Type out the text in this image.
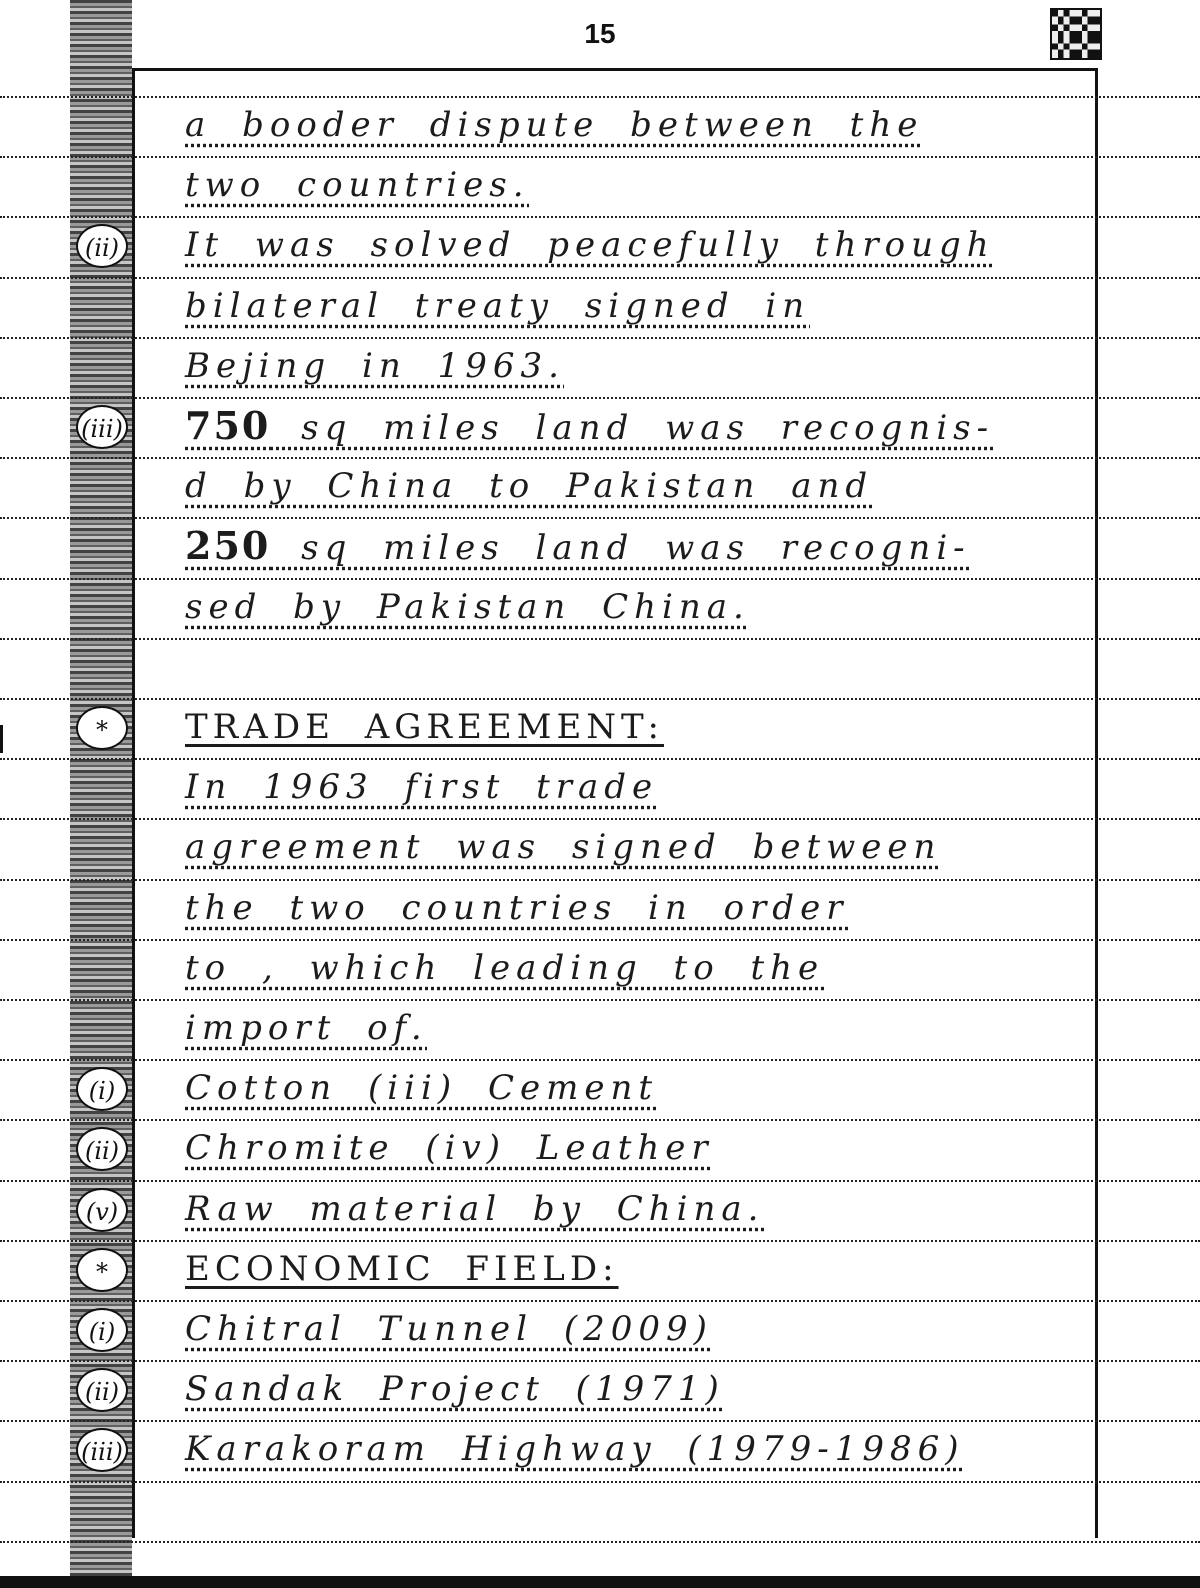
15
a booder dispute between the
two countries.
(ii) It was solved peacefully through
bilateral treaty signed in
Bejing in 1963.
(iii) 750 sq miles land was recognis-
d by China to Pakistan and
250 sq miles land was recogni-
sed by Pakistan China.
*	TRADE AGREEMENT:
In 1963 first trade
agreement was signed between
the two countries in order
to , which leading to the
import of.
(i)	Cotton (iii) Cement
(ii) Chromite (iv) Leather
(v) Raw material by China.
*	ECONOMIC FIELD:
(i)	Chitral Tunnel (2009)
(ii) Sandak Project (1971)
(iii) Karakoram Highway (1979-1986)
